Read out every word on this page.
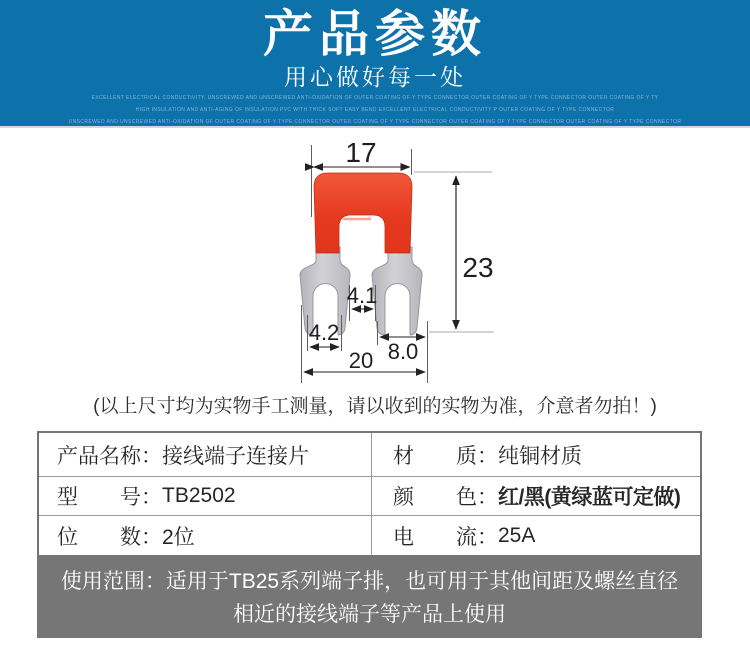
产品参数
用心做好每一处
EXCELLENT ELECTRICAL CONDUCTIVITY, UNSCREWED AND UNSCREWED ANTI-OXIDATION OF OUTER COATING OF Y TYPE CONNECTOR OUTER COATING OF Y TYPE CONNECTOR OUTER COATING OF Y TY
HIGH INSULATION AND ANTI-AGING OF INSULATION PVC WITH THICK SOFT EASY BEND EXCELLENT ELECTRICAL CONDUCTIVITY P OUTER COATING OF Y TYPE CONNECTOR
UNSCREWED AND UNSCREWED ANTI-OXIDATION OF OUTER COATING OF Y TYPE CONNECTOR OUTER COATING OF Y TYPE CONNECTOR OUTER COATING OF Y TYPE CONNECTOR OUTER COATING OF Y TYPE CONNECTOR
17
23
4.1
4.2
8.0
20
(以上尺寸均为实物手工测量，请以收到的实物为准，介意者勿拍！)
产品名称： 接线端子连接片	材　　质： 纯铜材质
型　　号： TB2502	颜　　色： 红/黑(黄绿蓝可定做)
位　　数： 2位	电　　流： 25A
使用范围：适用于TB25系列端子排，也可用于其他间距及螺丝直径相近的接线端子等产品上使用
